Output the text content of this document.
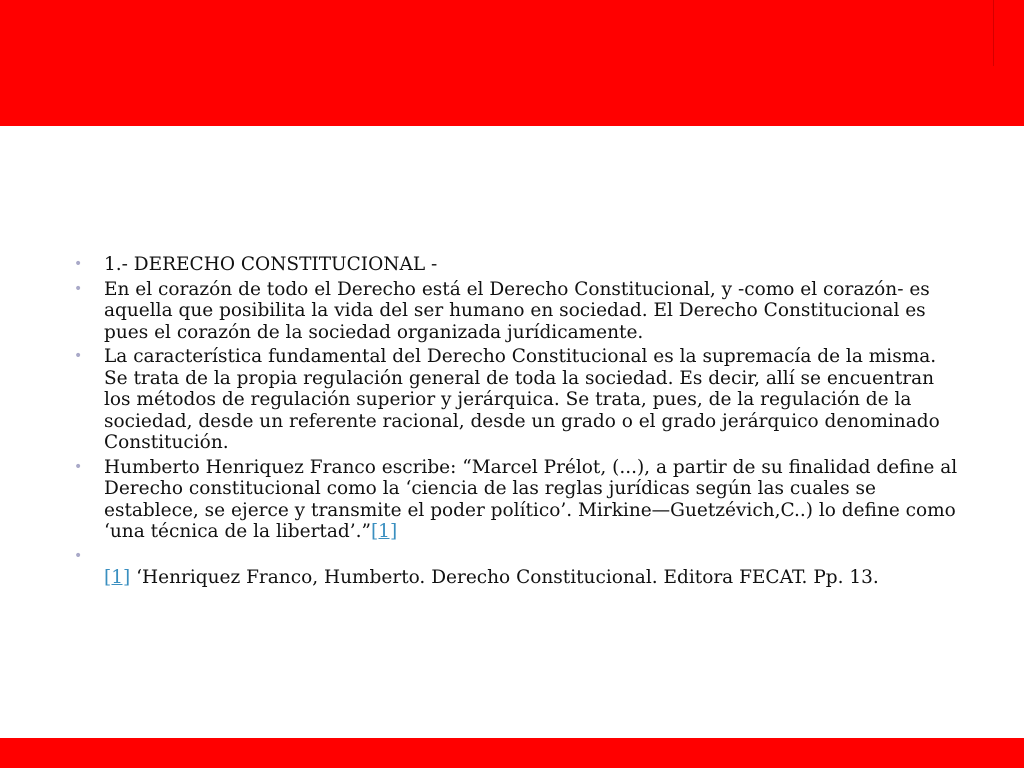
• 1.- DERECHO CONSTITUCIONAL -
• En el corazón de todo el Derecho está el Derecho Constitucional, y -como el corazón- es aquella que posibilita la vida del ser humano en sociedad. El Derecho Constitucional es pues el corazón de la sociedad organizada jurídicamente.
• La característica fundamental del Derecho Constitucional es la supremacía de la misma. Se trata de la propia regulación general de toda la sociedad. Es decir, allí se encuentran los métodos de regulación superior y jerárquica. Se trata, pues, de la regulación de la sociedad, desde un referente racional, desde un grado o el grado jerárquico denominado Constitución.
• Humberto Henriquez Franco escribe: “Marcel Prélot, (...), a partir de su finalidad define al Derecho constitucional como la ‘ciencia de las reglas jurídicas según las cuales se establece, se ejerce y transmite el poder político’. Mirkine—Guetzévich,C..) lo define como ‘una técnica de la libertad’.”[1]
•

[1] ‘Henriquez Franco, Humberto. Derecho Constitucional. Editora FECAT. Pp. 13.
